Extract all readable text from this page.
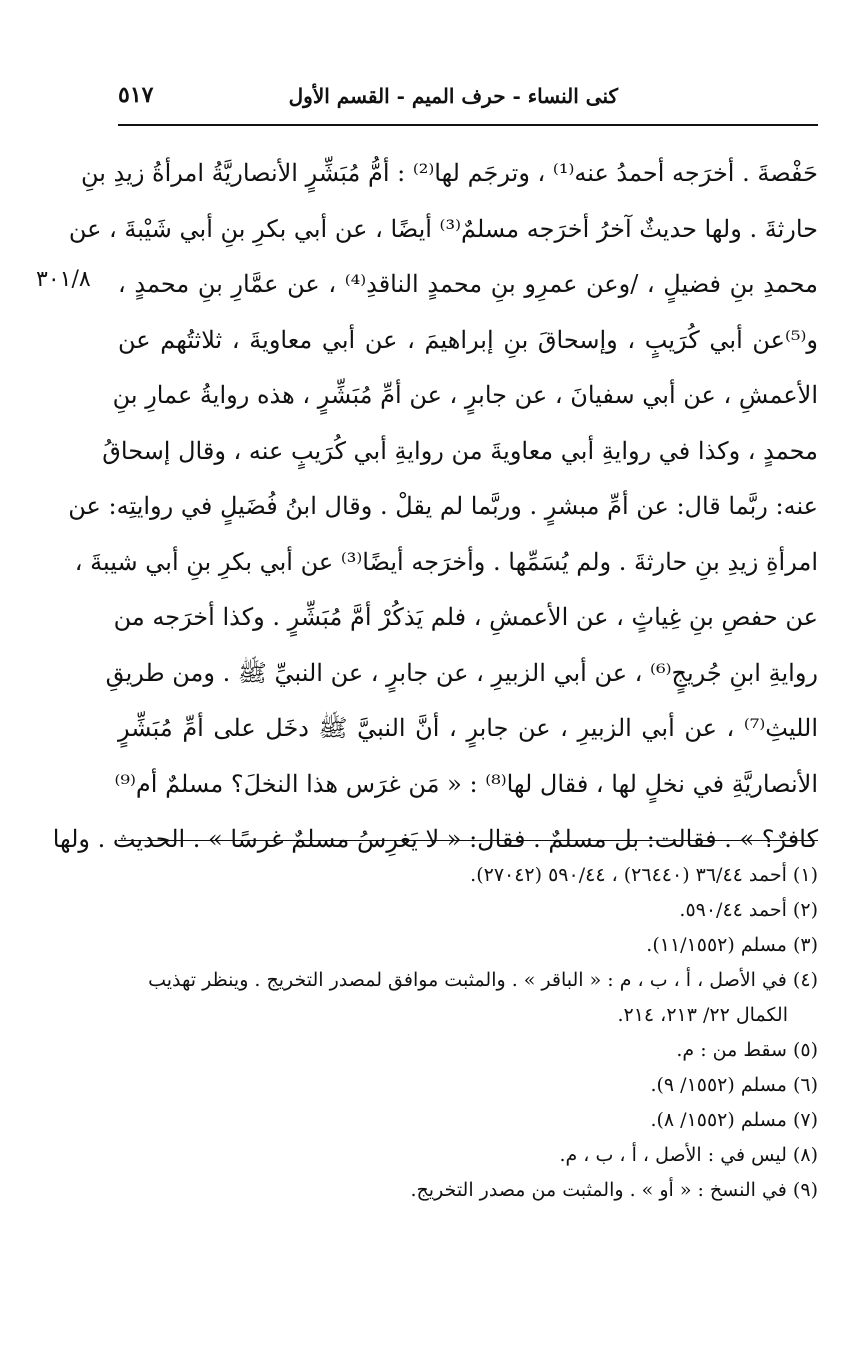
كنى النساء - حرف الميم - القسم الأول
٥١٧
٣٠١/٨
حَفْصةَ . أخرَجه أحمدُ عنه⁽¹⁾ ، وترجَم لها⁽²⁾ : أمُّ مُبَشِّرٍ الأنصاريَّةُ امرأةُ زيدِ بنِ
حارثةَ . ولها حديثٌ آخرُ أخرَجه مسلمٌ⁽³⁾ أيضًا ، عن أبي بكرِ بنِ أبي شَيْبةَ ، عن
محمدِ بنِ فضيلٍ ، /وعن عمرِو بنِ محمدٍ الناقدِ⁽⁴⁾ ، عن عمَّارِ بنِ محمدٍ ،
و⁽⁵⁾عن أبي كُرَيبٍ ، وإسحاقَ بنِ إبراهيمَ ، عن أبي معاويةَ ، ثلاثتُهم عن
الأعمشِ ، عن أبي سفيانَ ، عن جابرٍ ، عن أمِّ مُبَشِّرٍ ، هذه روايةُ عمارِ بنِ
محمدٍ ، وكذا في روايةِ أبي معاويةَ من روايةِ أبي كُرَيبٍ عنه ، وقال إسحاقُ
عنه: ربَّما قال: عن أمِّ مبشرٍ . وربَّما لم يقلْ . وقال ابنُ فُضَيلٍ في روايتِه: عن
امرأةِ زيدِ بنِ حارثةَ . ولم يُسَمِّها . وأخرَجه أيضًا⁽³⁾ عن أبي بكرِ بنِ أبي شيبةَ ،
عن حفصِ بنِ غِياثٍ ، عن الأعمشِ ، فلم يَذكُرْ أمَّ مُبَشِّرٍ . وكذا أخرَجه من
روايةِ ابنِ جُريجٍ⁽⁶⁾ ، عن أبي الزبيرِ ، عن جابرٍ ، عن النبيِّ ﷺ . ومن طريقِ
الليثِ⁽⁷⁾ ، عن أبي الزبيرِ ، عن جابرٍ ، أنَّ النبيَّ ﷺ دخَل على أمِّ مُبَشِّرٍ
الأنصاريَّةِ في نخلٍ لها ، فقال لها⁽⁸⁾ : « مَن غرَس هذا النخلَ؟ مسلمٌ أم⁽⁹⁾
كافرٌ؟ » . فقالت: بل مسلمٌ . فقال: « لا يَغرِسُ مسلمٌ غرسًا » . الحديث . ولها
(١) أحمد ٣٦/٤٤ (٢٦٤٤٠) ، ٥٩٠/٤٤ (٢٧٠٤٢).
(٢) أحمد ٥٩٠/٤٤.
(٣) مسلم (١١/١٥٥٢).
(٤) في الأصل ، أ ، ب ، م : « الباقر » . والمثبت موافق لمصدر التخريج . وينظر تهذيب
الكمال ٢٢/ ٢١٣، ٢١٤.
(٥) سقط من : م.
(٦) مسلم (١٥٥٢/ ٩).
(٧) مسلم (١٥٥٢/ ٨).
(٨) ليس في : الأصل ، أ ، ب ، م.
(٩) في النسخ : « أو » . والمثبت من مصدر التخريج.
